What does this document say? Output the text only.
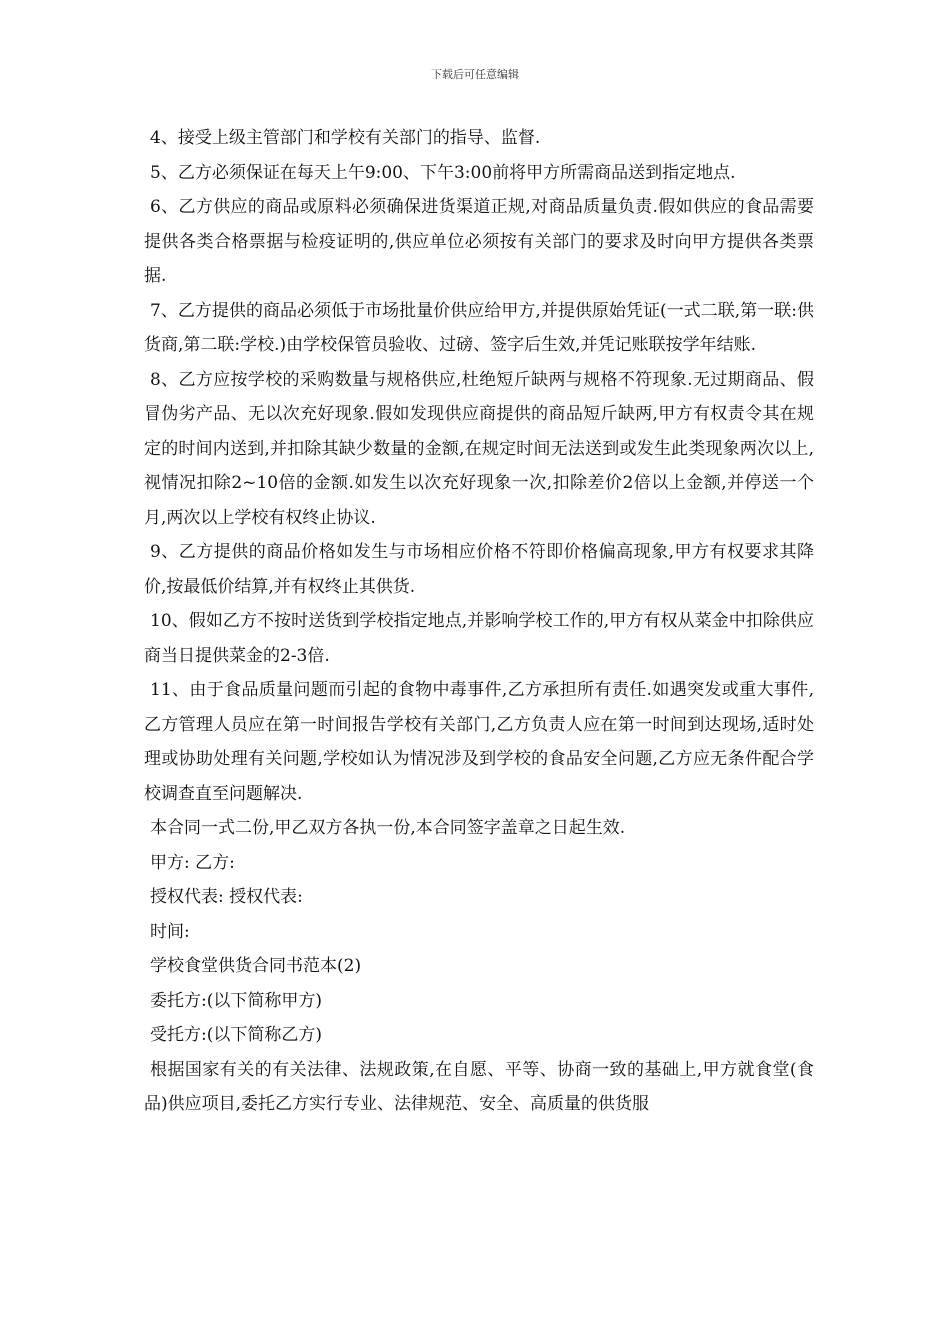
下载后可任意编辑

4、接受上级主管部门和学校有关部门的指导、监督.

5、乙方必须保证在每天上午9:00、下午3:00前将甲方所需商品送到指定地点.

6、乙方供应的商品或原料必须确保进货渠道正规,对商品质量负责.假如供应的食品需要提供各类合格票据与检疫证明的,供应单位必须按有关部门的要求及时向甲方提供各类票据.

7、乙方提供的商品必须低于市场批量价供应给甲方,并提供原始凭证(一式二联,第一联:供货商,第二联:学校.)由学校保管员验收、过磅、签字后生效,并凭记账联按学年结账.

8、乙方应按学校的采购数量与规格供应,杜绝短斤缺两与规格不符现象.无过期商品、假冒伪劣产品、无以次充好现象.假如发现供应商提供的商品短斤缺两,甲方有权责令其在规定的时间内送到,并扣除其缺少数量的金额,在规定时间无法送到或发生此类现象两次以上,视情况扣除2~10倍的金额.如发生以次充好现象一次,扣除差价2倍以上金额,并停送一个月,两次以上学校有权终止协议.

9、乙方提供的商品价格如发生与市场相应价格不符即价格偏高现象,甲方有权要求其降价,按最低价结算,并有权终止其供货.

10、假如乙方不按时送货到学校指定地点,并影响学校工作的,甲方有权从菜金中扣除供应商当日提供菜金的2-3倍.

11、由于食品质量问题而引起的食物中毒事件,乙方承担所有责任.如遇突发或重大事件,乙方管理人员应在第一时间报告学校有关部门,乙方负责人应在第一时间到达现场,适时处理或协助处理有关问题,学校如认为情况涉及到学校的食品安全问题,乙方应无条件配合学校调查直至问题解决.

本合同一式二份,甲乙双方各执一份,本合同签字盖章之日起生效.

甲方: 乙方:

授权代表: 授权代表:

时间:

学校食堂供货合同书范本(2)

委托方:(以下简称甲方)

受托方:(以下简称乙方)

根据国家有关的有关法律、法规政策,在自愿、平等、协商一致的基础上,甲方就食堂(食品)供应项目,委托乙方实行专业、法律规范、安全、高质量的供货服
